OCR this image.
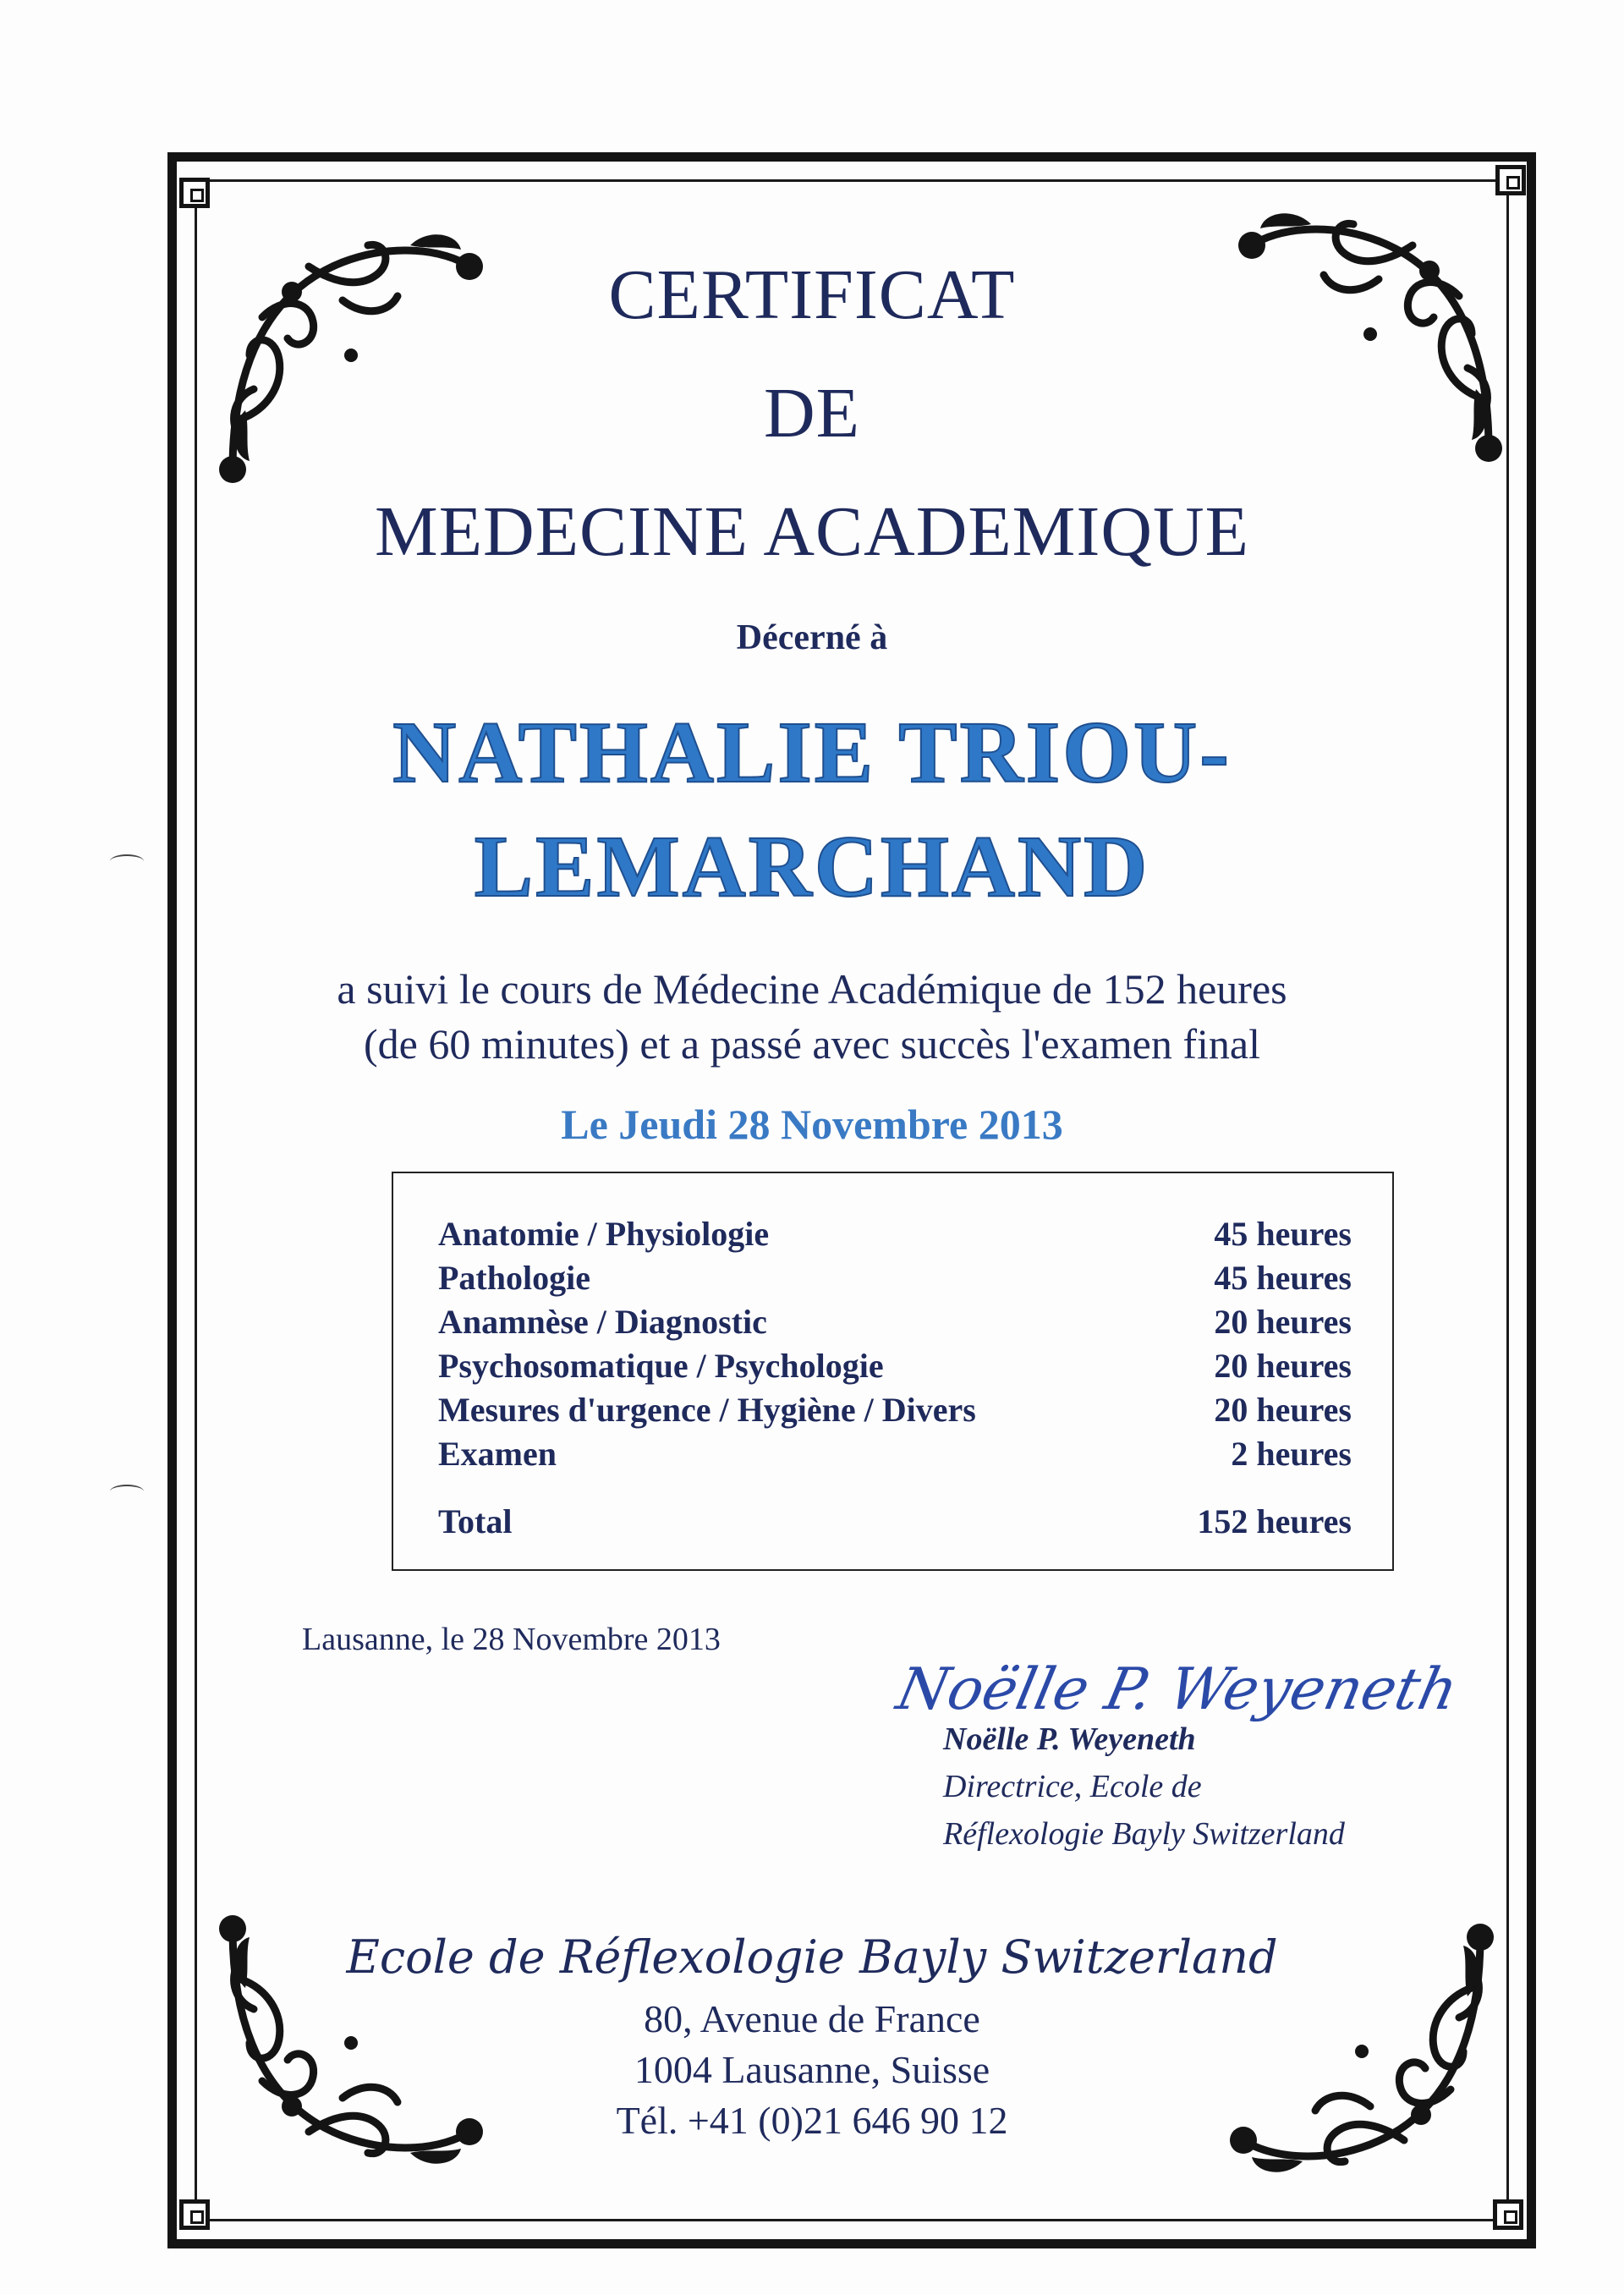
CERTIFICAT
DE
MEDECINE ACADEMIQUE
Décerné à
NATHALIE TRIOU-
LEMARCHAND
a suivi le cours de Médecine Académique de 152 heures
(de 60 minutes) et a passé avec succès l'examen final
Le Jeudi 28 Novembre 2013
Anatomie / Physiologie	45 heures
Pathologie	45 heures
Anamnèse / Diagnostic	20 heures
Psychosomatique / Psychologie	20 heures
Mesures d'urgence / Hygiène / Divers	20 heures
Examen	2 heures
Total	152 heures
Lausanne, le 28 Novembre 2013
Noëlle P. Weyeneth
Noëlle P. Weyeneth
Directrice, Ecole de
Réflexologie Bayly Switzerland
Ecole de Réflexologie Bayly Switzerland
80, Avenue de France
1004 Lausanne, Suisse
Tél. +41 (0)21 646 90 12
